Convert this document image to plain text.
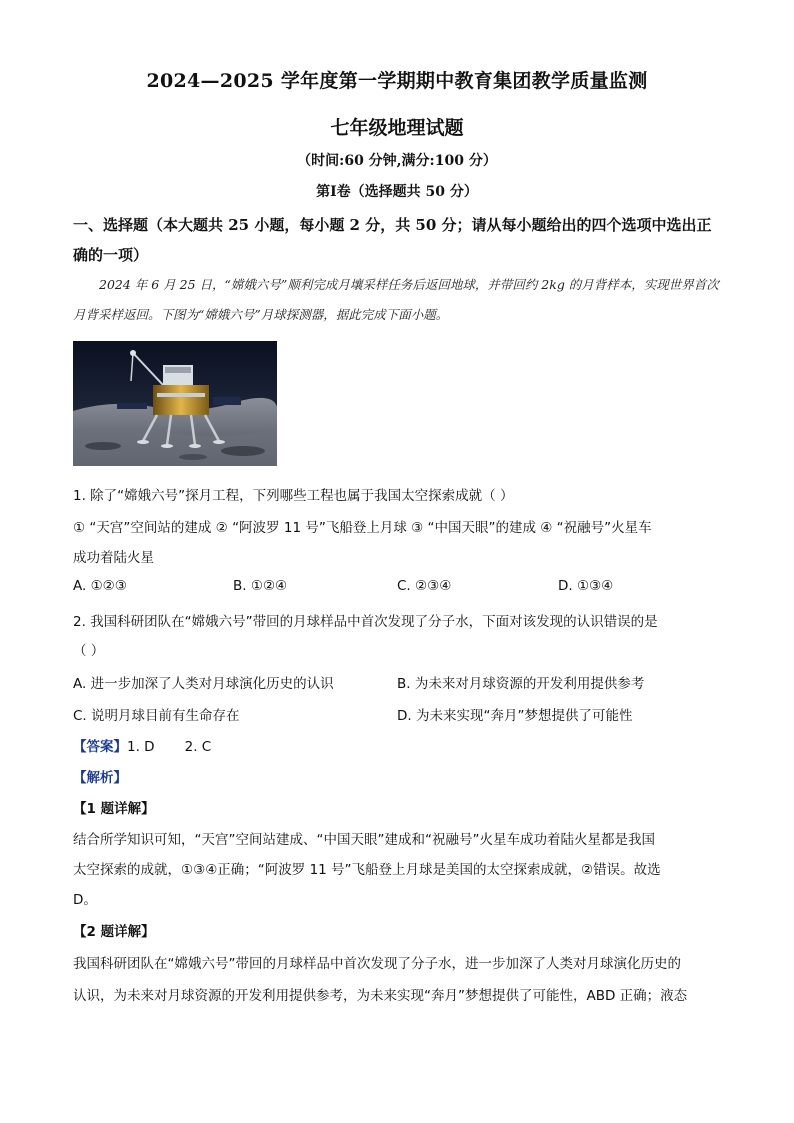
2024—2025 学年度第一学期期中教育集团教学质量监测
七年级地理试题
（时间:60 分钟,满分:100 分）
第Ⅰ卷（选择题共 50 分）
一、选择题（本大题共 25 小题，每小题 2 分，共 50 分；请从每小题给出的四个选项中选出正确的一项）
2024 年 6 月 25 日，“嫦娥六号”顺利完成月壤采样任务后返回地球，并带回约 2kg 的月背样本，实现世界首次月背采样返回。下图为“嫦娥六号”月球探测器，据此完成下面小题。
1. 除了“嫦娥六号”探月工程，下列哪些工程也属于我国太空探索成就（ ）
① “天宫”空间站的建成 ② “阿波罗 11 号”飞船登上月球 ③ “中国天眼”的建成 ④ “祝融号”火星车
成功着陆火星
A. ①②③	B. ①②④	C. ②③④	D. ①③④
2. 我国科研团队在“嫦娥六号”带回的月球样品中首次发现了分子水，下面对该发现的认识错误的是
（ ）
A. 进一步加深了人类对月球演化历史的认识	B. 为未来对月球资源的开发利用提供参考
C. 说明月球目前有生命存在	D. 为未来实现“奔月”梦想提供了可能性
【答案】1. D       2. C
【解析】
【1 题详解】
结合所学知识可知，“天宫”空间站建成、“中国天眼”建成和“祝融号”火星车成功着陆火星都是我国
太空探索的成就，①③④正确；“阿波罗 11 号”飞船登上月球是美国的太空探索成就，②错误。故选
D。
【2 题详解】
我国科研团队在“嫦娥六号”带回的月球样品中首次发现了分子水，进一步加深了人类对月球演化历史的
认识，为未来对月球资源的开发利用提供参考，为未来实现“奔月”梦想提供了可能性，ABD 正确；液态
